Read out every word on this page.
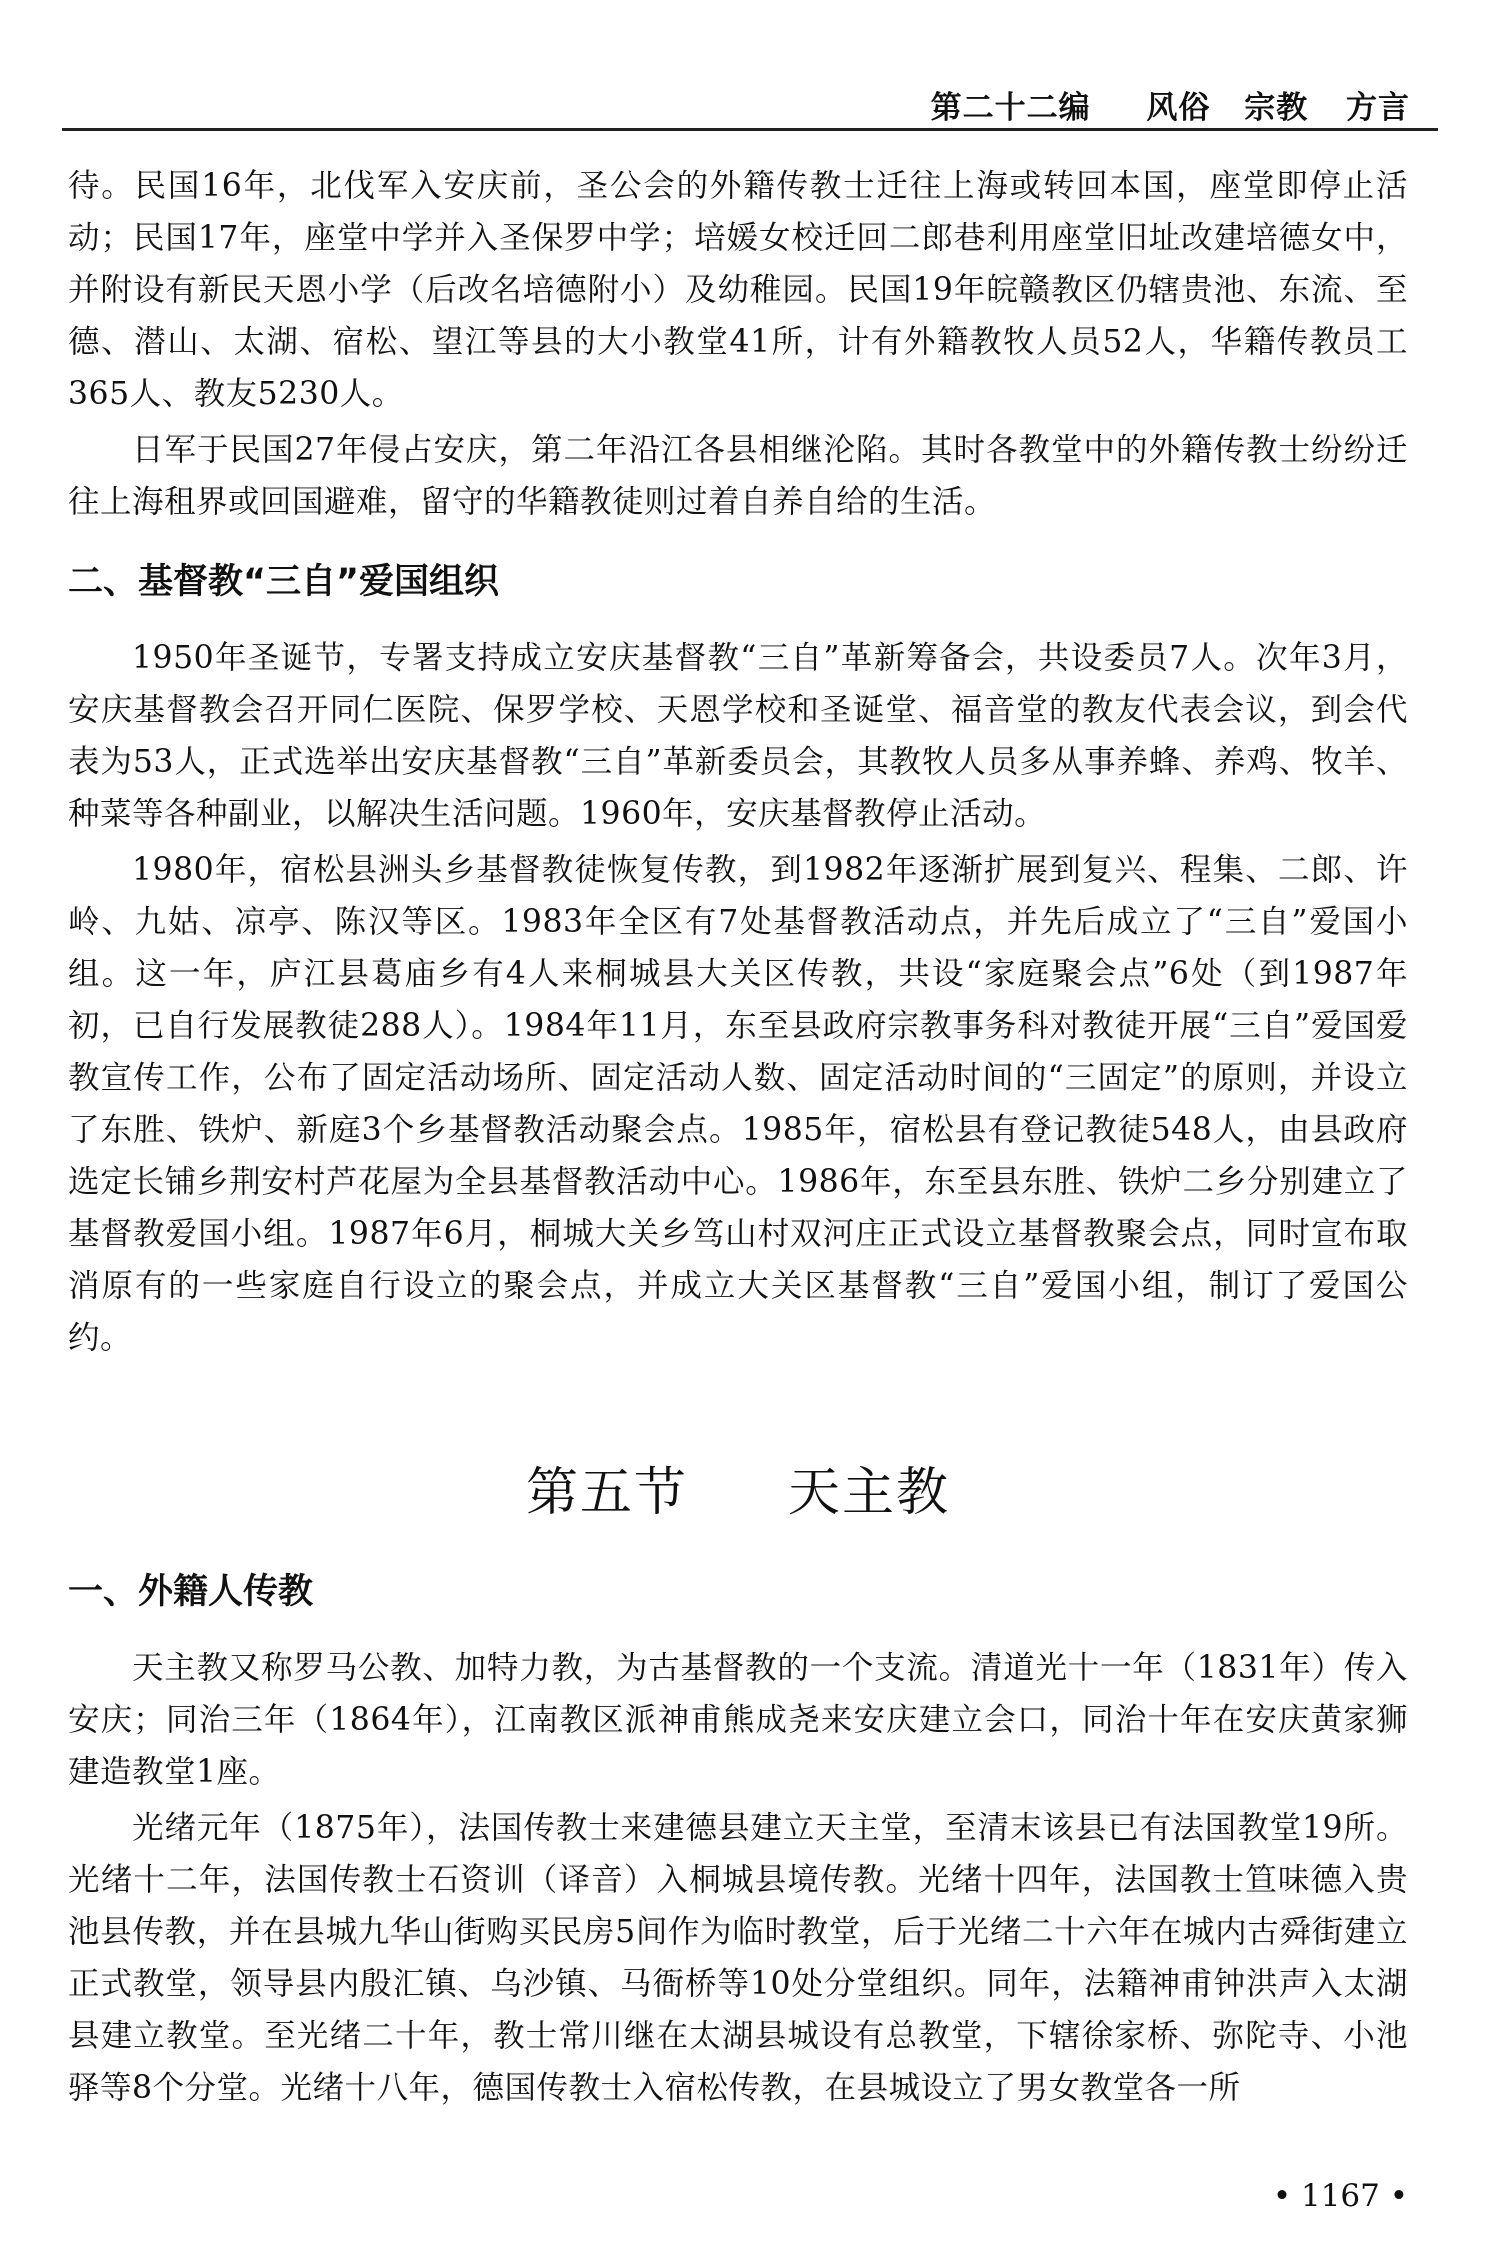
第二十二编 风俗 宗教 方言

待。民国16年，北伐军入安庆前，圣公会的外籍传教士迁往上海或转回本国，座堂即停止活动；民国17年，座堂中学并入圣保罗中学；培媛女校迁回二郎巷利用座堂旧址改建培德女中，并附设有新民天恩小学（后改名培德附小）及幼稚园。民国19年皖赣教区仍辖贵池、东流、至德、潜山、太湖、宿松、望江等县的大小教堂41所，计有外籍教牧人员52人，华籍传教员工365人、教友5230人。

日军于民国27年侵占安庆，第二年沿江各县相继沦陷。其时各教堂中的外籍传教士纷纷迁往上海租界或回国避难，留守的华籍教徒则过着自养自给的生活。

二、基督教“三自”爱国组织

1950年圣诞节，专署支持成立安庆基督教“三自”革新筹备会，共设委员7人。次年3月，安庆基督教会召开同仁医院、保罗学校、天恩学校和圣诞堂、福音堂的教友代表会议，到会代表为53人，正式选举出安庆基督教“三自”革新委员会，其教牧人员多从事养蜂、养鸡、牧羊、种菜等各种副业，以解决生活问题。1960年，安庆基督教停止活动。

1980年，宿松县洲头乡基督教徒恢复传教，到1982年逐渐扩展到复兴、程集、二郎、许岭、九姑、凉亭、陈汉等区。1983年全区有7处基督教活动点，并先后成立了“三自”爱国小组。这一年，庐江县葛庙乡有4人来桐城县大关区传教，共设“家庭聚会点”6处（到1987年初，已自行发展教徒288人）。1984年11月，东至县政府宗教事务科对教徒开展“三自”爱国爱教宣传工作，公布了固定活动场所、固定活动人数、固定活动时间的“三固定”的原则，并设立了东胜、铁炉、新庭3个乡基督教活动聚会点。1985年，宿松县有登记教徒548人，由县政府选定长铺乡荆安村芦花屋为全县基督教活动中心。1986年，东至县东胜、铁炉二乡分别建立了基督教爱国小组。1987年6月，桐城大关乡笃山村双河庄正式设立基督教聚会点，同时宣布取消原有的一些家庭自行设立的聚会点，并成立大关区基督教“三自”爱国小组，制订了爱国公约。

第五节 天主教
一、外籍人传教

天主教又称罗马公教、加特力教，为古基督教的一个支流。清道光十一年（1831年）传入安庆；同治三年（1864年），江南教区派神甫熊成尧来安庆建立会口，同治十年在安庆黄家狮建造教堂1座。

光绪元年（1875年），法国传教士来建德县建立天主堂，至清末该县已有法国教堂19所。光绪十二年，法国传教士石资训（译音）入桐城县境传教。光绪十四年，法国教士笪味德入贵池县传教，并在县城九华山街购买民房5间作为临时教堂，后于光绪二十六年在城内古舜街建立正式教堂，领导县内殷汇镇、乌沙镇、马衙桥等10处分堂组织。同年，法籍神甫钟洪声入太湖县建立教堂。至光绪二十年，教士常川继在太湖县城设有总教堂，下辖徐家桥、弥陀寺、小池驿等8个分堂。光绪十八年，德国传教士入宿松传教，在县城设立了男女教堂各一所

• 1167 •
